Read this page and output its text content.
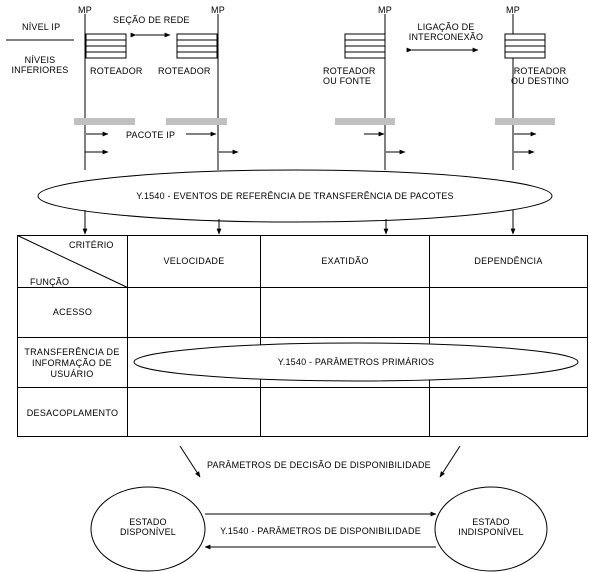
MP	MP	MP	MP
NÍVEL IP
NÍVEIS
INFERIORES
SEÇÃO DE REDE
LIGAÇÃO DE
INTERCONEXÃO
ROTEADOR ROTEADOR	ROTEADOR
OU FONTE
ROTEADOR
OU DESTINO
PACOTE IP
Y.1540 - EVENTOS DE REFERÊNCIA DE TRANSFERÊNCIA DE PACOTES
CRITÉRIO
FUNÇÃO
VELOCIDADE	EXATIDÃO	DEPENDÊNCIA
ACESSO
TRANSFERÊNCIA DE INFORMAÇÃO DE USUÁRIO
DESACOPLAMENTO
Y.1540 - PARÂMETROS PRIMÁRIOS
PARÂMETROS DE DECISÃO DE DISPONIBILIDADE
ESTADO
DISPONÍVEL
ESTADO
INDISPONÍVEL
Y.1540 - PARÂMETROS DE DISPONIBILIDADE
